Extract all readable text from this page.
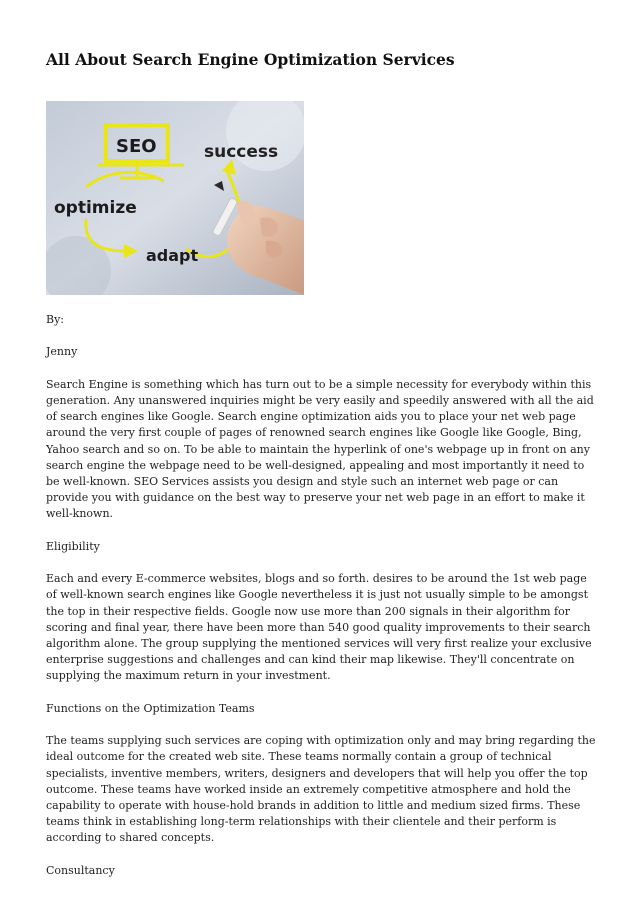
All About Search Engine Optimization Services
SEO	success
optimize
adapt

By:

Jenny

Search Engine is something which has turn out to be a simple necessity for everybody within this generation. Any unanswered inquiries might be very easily and speedily answered with all the aid of search engines like Google. Search engine optimization aids you to place your net web page around the very first couple of pages of renowned search engines like Google like Google, Bing, Yahoo search and so on. To be able to maintain the hyperlink of one's webpage up in front on any search engine the webpage need to be well-designed, appealing and most importantly it need to be well-known. SEO Services assists you design and style such an internet web page or can provide you with guidance on the best way to preserve your net web page in an effort to make it well-known.

Eligibility

Each and every E-commerce websites, blogs and so forth. desires to be around the 1st web page of well-known search engines like Google nevertheless it is just not usually simple to be amongst the top in their respective fields. Google now use more than 200 signals in their algorithm for scoring and final year, there have been more than 540 good quality improvements to their search algorithm alone. The group supplying the mentioned services will very first realize your exclusive enterprise suggestions and challenges and can kind their map likewise. They'll concentrate on supplying the maximum return in your investment.

Functions on the Optimization Teams

The teams supplying such services are coping with optimization only and may bring regarding the ideal outcome for the created web site. These teams normally contain a group of technical specialists, inventive members, writers, designers and developers that will help you offer the top outcome. These teams have worked inside an extremely competitive atmosphere and hold the capability to operate with house-hold brands in addition to little and medium sized firms. These teams think in establishing long-term relationships with their clientele and their perform is according to shared concepts.

Consultancy
